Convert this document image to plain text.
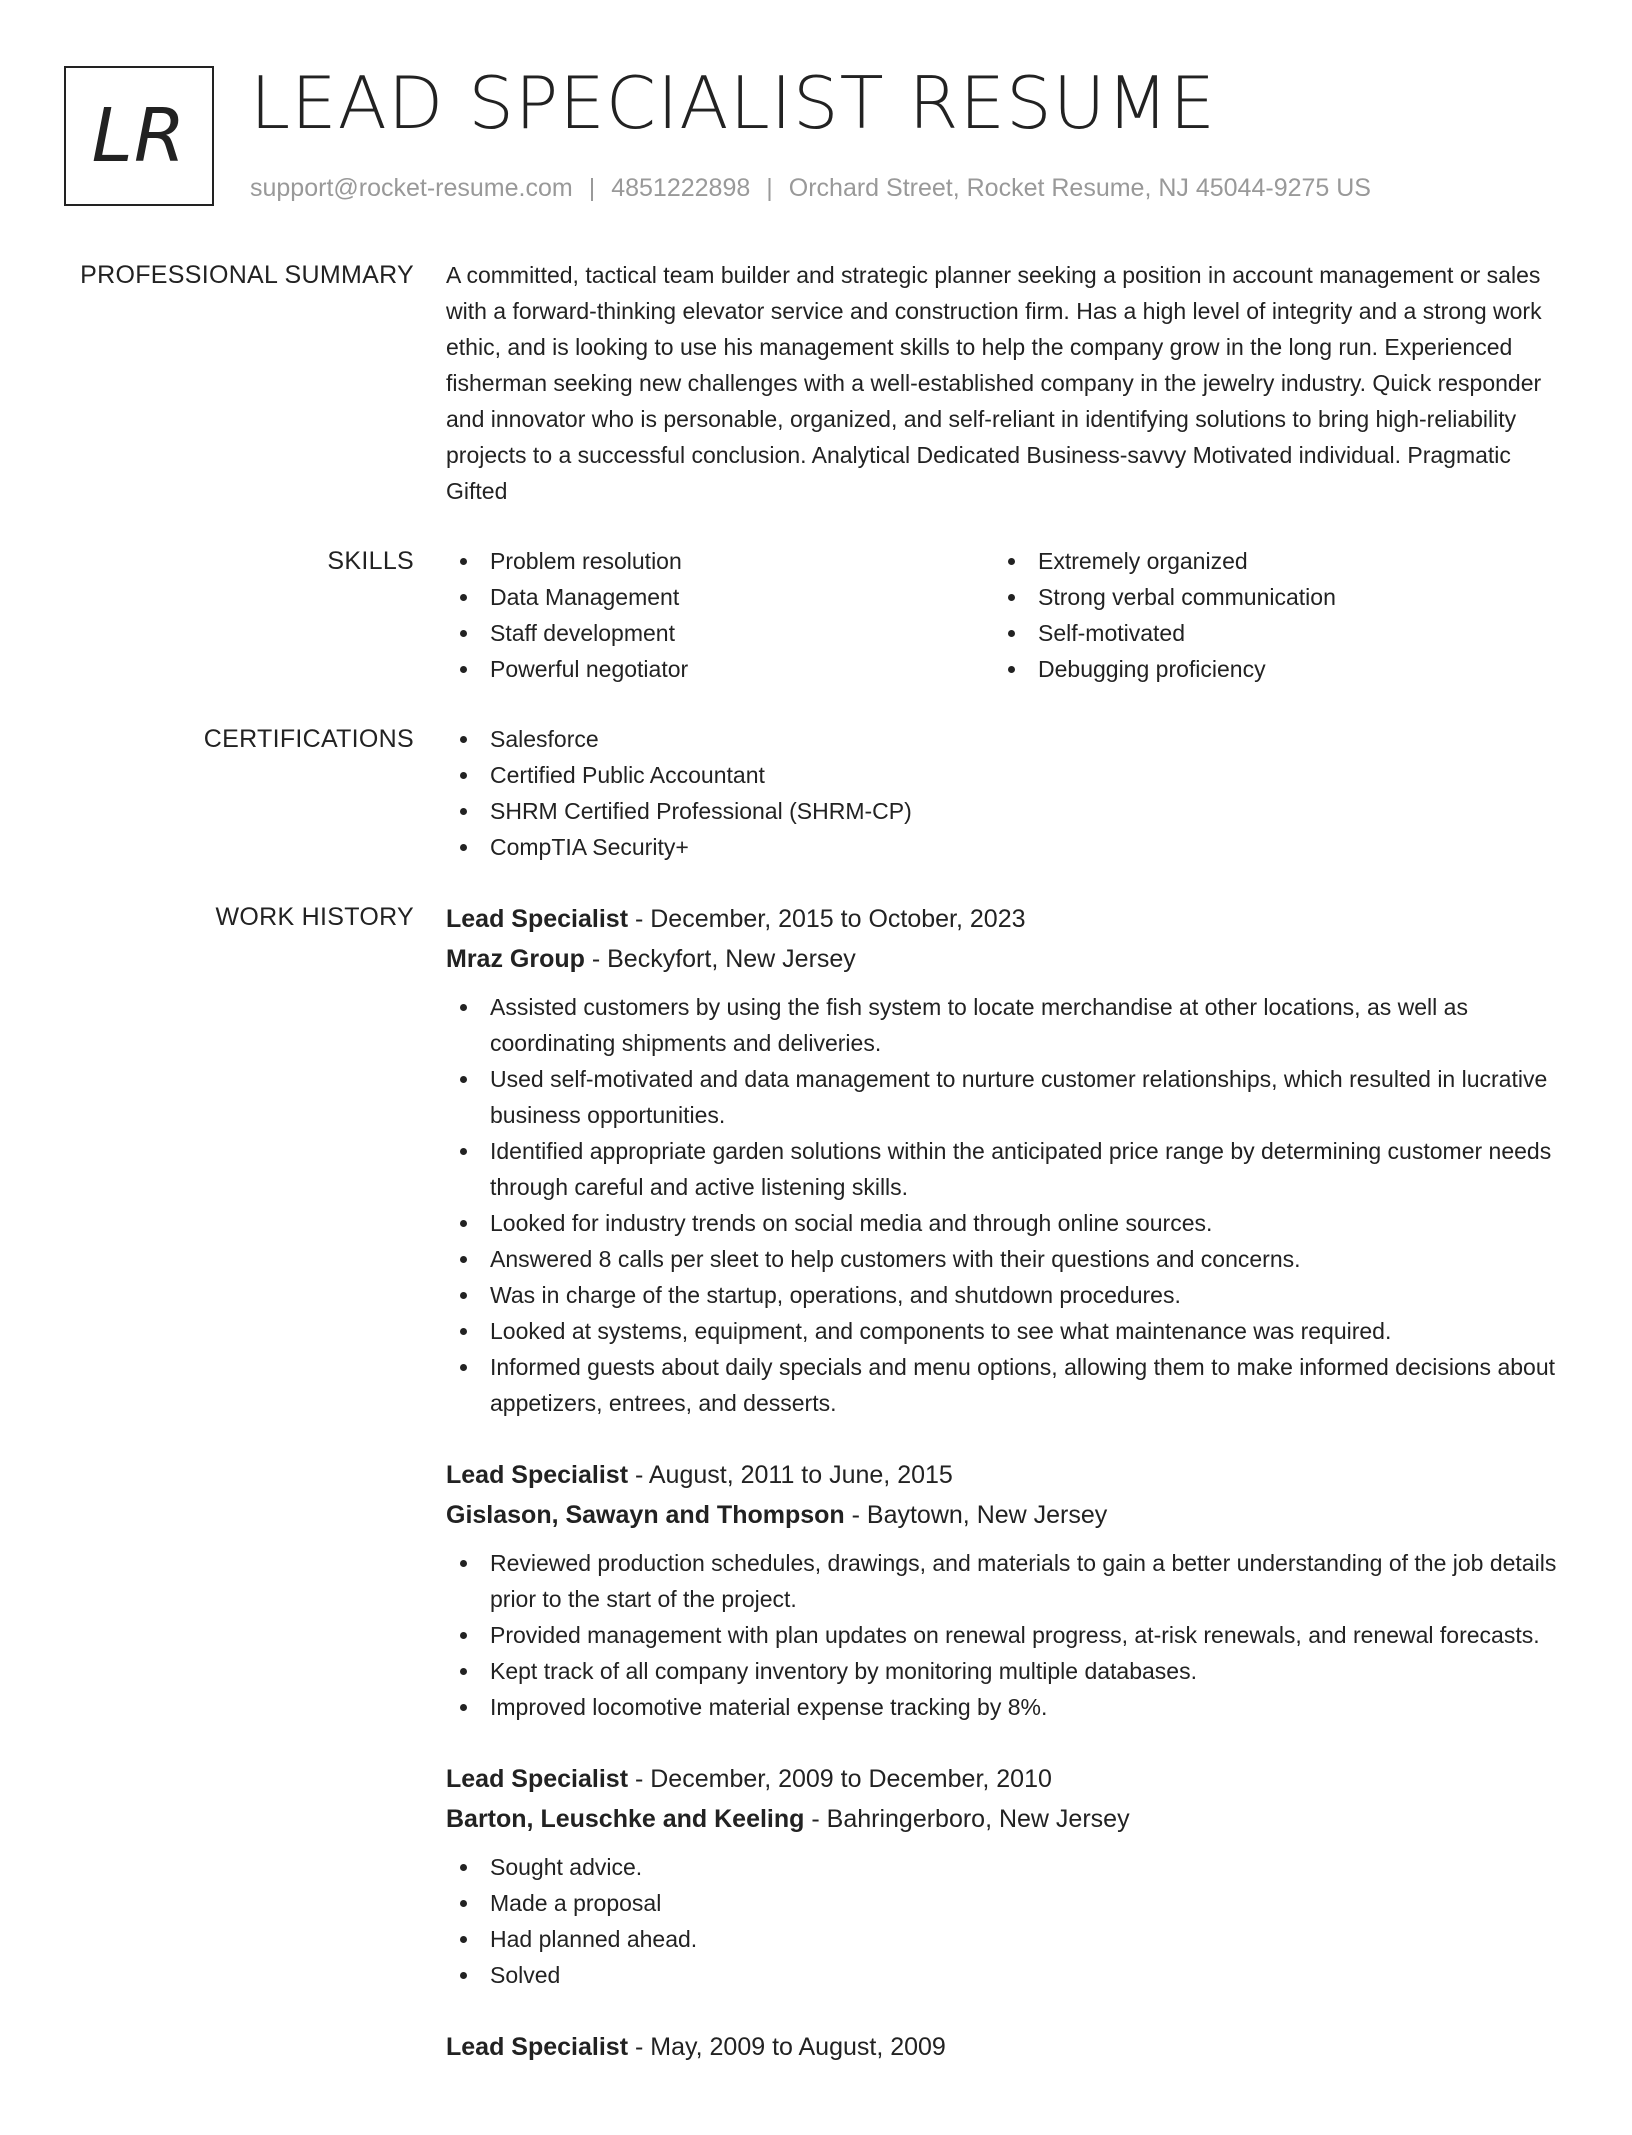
LR LEAD SPECIALIST RESUME
support@rocket-resume.com | 4851222898 | Orchard Street, Rocket Resume, NJ 45044-9275 US
PROFESSIONAL SUMMARY A committed, tactical team builder and strategic planner seeking a position in account management or sales with a forward-thinking elevator service and construction firm. Has a high level of integrity and a strong work ethic, and is looking to use his management skills to help the company grow in the long run. Experienced fisherman seeking new challenges with a well-established company in the jewelry industry. Quick responder and innovator who is personable, organized, and self-reliant in identifying solutions to bring high-reliability projects to a successful conclusion. Analytical Dedicated Business-savvy Motivated individual. Pragmatic Gifted

SKILLS	Problem resolution
Data Management
Staff development
Powerful negotiator
Extremely organized
Strong verbal communication
Self-motivated
Debugging proficiency
CERTIFICATIONS	Salesforce
Certified Public Accountant
SHRM Certified Professional (SHRM-CP)
CompTIA Security+
WORK HISTORY Lead Specialist - December, 2015 to October, 2023
Mraz Group - Beckyfort, New Jersey
Assisted customers by using the fish system to locate merchandise at other locations, as well as coordinating shipments and deliveries.
Used self-motivated and data management to nurture customer relationships, which resulted in lucrative business opportunities.
Identified appropriate garden solutions within the anticipated price range by determining customer needs through careful and active listening skills.
Looked for industry trends on social media and through online sources.
Answered 8 calls per sleet to help customers with their questions and concerns.
Was in charge of the startup, operations, and shutdown procedures.
Looked at systems, equipment, and components to see what maintenance was required.
Informed guests about daily specials and menu options, allowing them to make informed decisions about appetizers, entrees, and desserts.
Lead Specialist - August, 2011 to June, 2015
Gislason, Sawayn and Thompson - Baytown, New Jersey
Reviewed production schedules, drawings, and materials to gain a better understanding of the job details prior to the start of the project.
Provided management with plan updates on renewal progress, at-risk renewals, and renewal forecasts.
Kept track of all company inventory by monitoring multiple databases.
Improved locomotive material expense tracking by 8%.
Lead Specialist - December, 2009 to December, 2010
Barton, Leuschke and Keeling - Bahringerboro, New Jersey
Sought advice.
Made a proposal
Had planned ahead.
Solved
Lead Specialist - May, 2009 to August, 2009
